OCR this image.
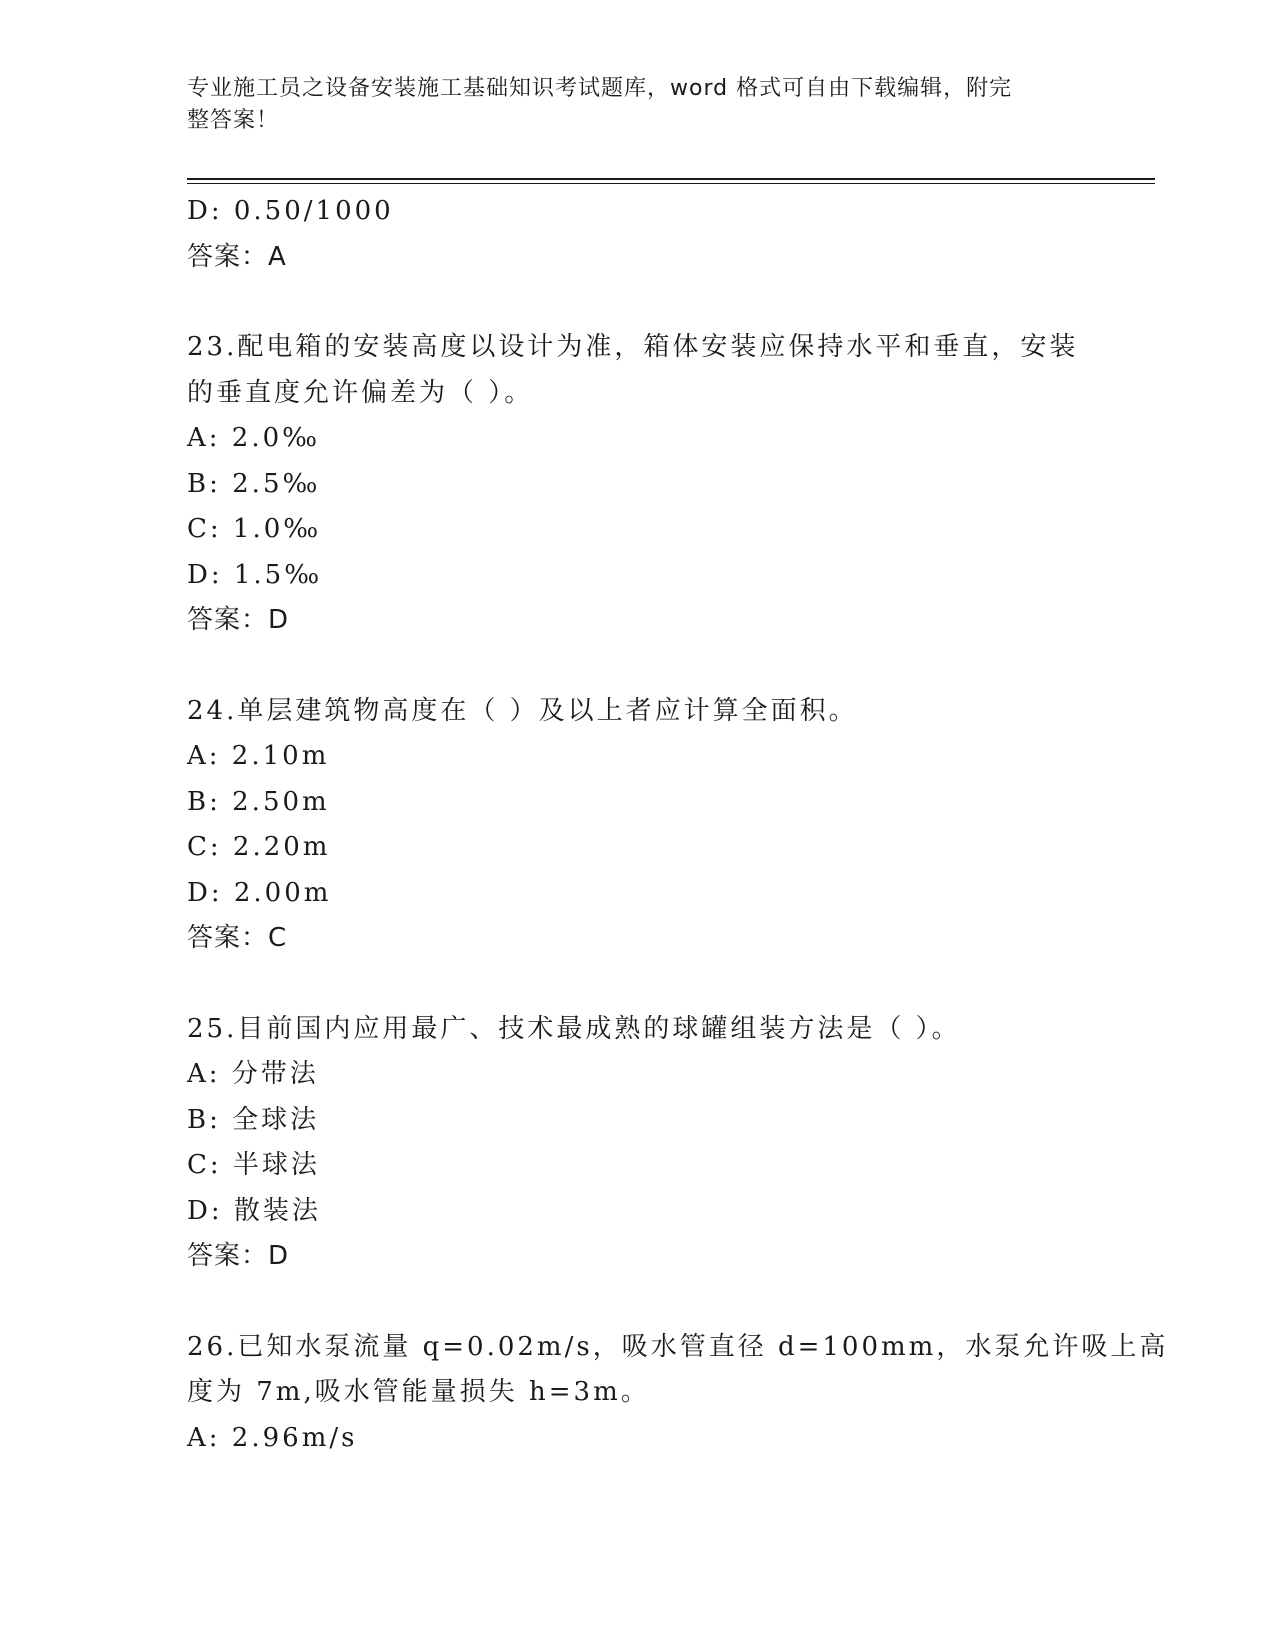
专业施工员之设备安装施工基础知识考试题库，word 格式可自由下载编辑，附完
整答案！
D: 0.50/1000
答案：A
23.配电箱的安装高度以设计为准，箱体安装应保持水平和垂直，安装
的垂直度允许偏差为（ ）。
A: 2.0‰
B: 2.5‰
C: 1.0‰
D: 1.5‰
答案：D
24.单层建筑物高度在（ ）及以上者应计算全面积。
A: 2.10m
B: 2.50m
C: 2.20m
D: 2.00m
答案：C
25.目前国内应用最广、技术最成熟的球罐组装方法是（ ）。
A: 分带法
B: 全球法
C: 半球法
D: 散装法
答案：D
26.已知水泵流量 q=0.02m/s，吸水管直径 d=100mm，水泵允许吸上高
度为 7m,吸水管能量损失 h=3m。
A: 2.96m/s
